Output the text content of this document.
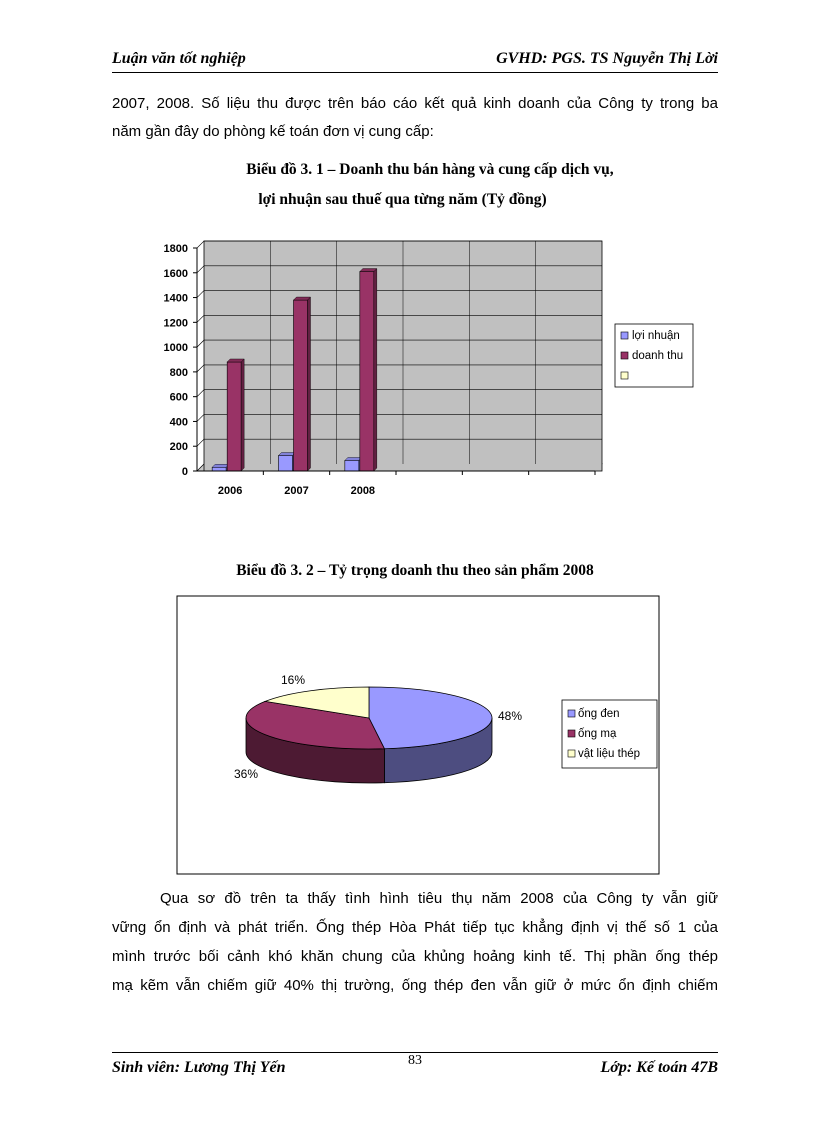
Luận văn tốt nghiệp	GVHD: PGS. TS Nguyễn Thị Lời
2007, 2008. Số liệu thu được trên báo cáo kết quả kinh doanh của Công ty trong ba
năm gần đây do phòng kế toán đơn vị cung cấp:
Biểu đồ 3. 1 – Doanh thu bán hàng và cung cấp dịch vụ,
lợi nhuận sau thuế qua từng năm (Tỷ đồng)
0
200
400
600
800
1000
1200
1400
1600
1800
2006	2007	2008
lợi nhuận
doanh thu
Biểu đồ 3. 2 – Tỷ trọng doanh thu theo sản phẩm 2008
48%
36%
16%
ống đen
ống mạ
vật liệu thép
Qua sơ đồ trên ta thấy tình hình tiêu thụ năm 2008 của Công ty vẫn giữ
vững ổn định và phát triển. Ống thép Hòa Phát tiếp tục khẳng định vị thế số 1 của
mình trước bối cảnh khó khăn chung của khủng hoảng kinh tế. Thị phần ống thép
mạ kẽm vẫn chiếm giữ 40% thị trường, ống thép đen vẫn giữ ở mức ổn định chiếm
Sinh viên: Lương Thị Yến	83	Lớp: Kế toán 47B
